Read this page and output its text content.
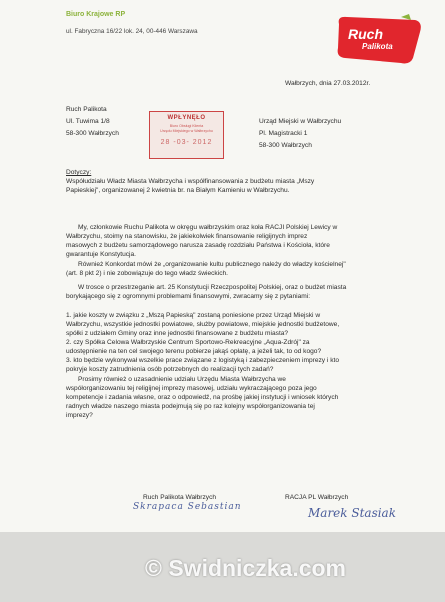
Biuro Krajowe RP
ul. Fabryczna 16/22 lok. 24, 00-446 Warszawa	Ruch
Palikota
Wałbrzych, dnia 27.03.2012r.
Ruch Palikota
Ul. Tuwima 1/8
58-300 Wałbrzych
WPŁYNĘŁO
Biuro Obsługi Klienta
Urzędu Miejskiego w Wałbrzychu
28 -03- 2012
Urząd Miejski w Wałbrzychu
Pl. Magistracki 1
58-300 Wałbrzych
Dotyczy:
Współudziału Władz Miasta Wałbrzycha i współfinansowania z budżetu miasta „Mszy
Papieskiej", organizowanej 2 kwietnia br. na Białym Kamieniu w Wałbrzychu.
My, członkowie Ruchu Palikota w okręgu wałbrzyskim oraz koła RACJI Polskiej Lewicy w
Wałbrzychu, stoimy na stanowisku, że jakiekolwiek finansowanie religijnych imprez
masowych z budżetu samorządowego narusza zasadę rozdziału Państwa i Kościoła, które
gwarantuje Konstytucja.
Również Konkordat mówi że „organizowanie kultu publicznego należy do władzy kościelnej"
(art. 8 pkt 2) i nie zobowiązuje do tego władz świeckich.
W trosce o przestrzeganie art. 25 Konstytucji Rzeczpospolitej Polskiej, oraz o budżet miasta
borykającego się z ogromnymi problemami finansowymi, zwracamy się z pytaniami:
1. jakie koszty w związku z „Mszą Papieską" zostaną poniesione przez Urząd Miejski w
Wałbrzychu, wszystkie jednostki powiatowe, służby powiatowe, miejskie jednostki budżetowe,
spółki z udziałem Gminy oraz inne jednostki finansowane z budżetu miasta?
2. czy Spółka Celowa Wałbrzyskie Centrum Sportowo-Rekreacyjne „Aqua-Zdrój" za
udostępnienie na ten cel swojego terenu pobierze jakąś opłatę, a jeżeli tak, to od kogo?
3. kto będzie wykonywał wszelkie prace związane z logistyką i zabezpieczeniem imprezy i kto
pokryje koszty zatrudnienia osób potrzebnych do realizacji tych zadań?
Prosimy również o uzasadnienie udziału Urzędu Miasta Wałbrzycha we
współorganizowaniu tej religijnej imprezy masowej, udziału wykraczającego poza jego
kompetencje i zadania własne, oraz o odpowiedź, na prośbę jakiej instytucji i wniosek których
radnych władze naszego miasta podejmują się po raz kolejny współorganizowania tej
imprezy?
Ruch Palikota Wałbrzych
Skrapaca Sebastian
RACJA PL Wałbrzych
Marek Stasiak
© Swidniczka.com
